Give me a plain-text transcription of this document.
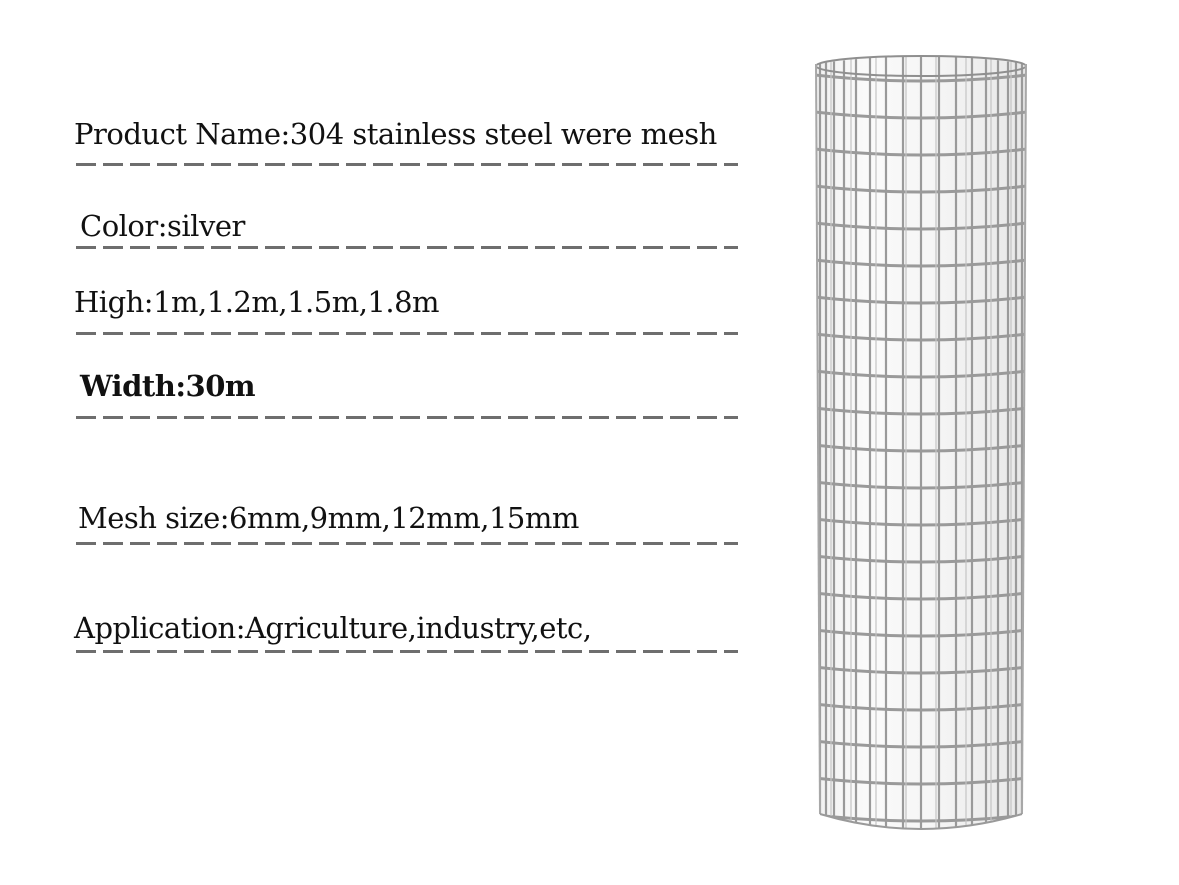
Product Name:304 stainless steel were mesh
Color:silver
High:1m,1.2m,1.5m,1.8m
Width:30m
Mesh size:6mm,9mm,12mm,15mm
Application:Agriculture,industry,etc,
